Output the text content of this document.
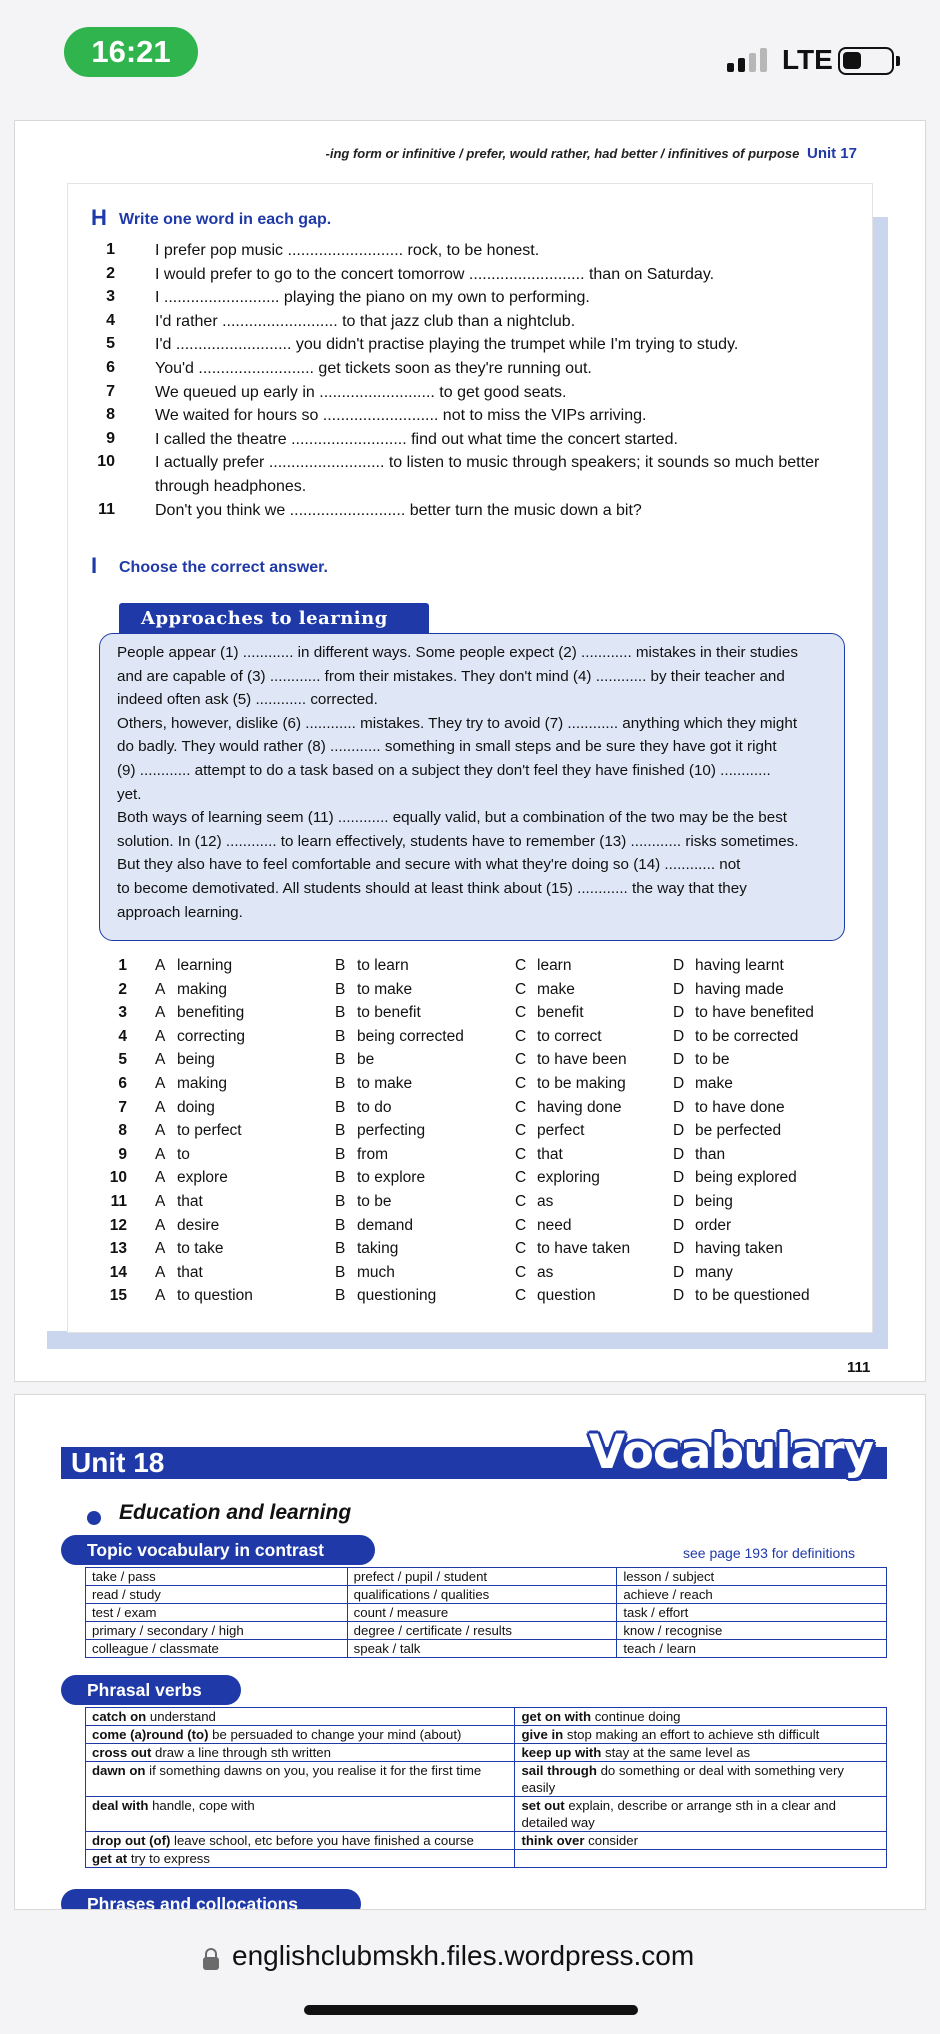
16:21	LTE
-ing form or infinitive / prefer, would rather, had better / infinitives of purpose Unit 17
H Write one word in each gap.
1	I prefer pop music .......................... rock, to be honest.
2	I would prefer to go to the concert tomorrow .......................... than on Saturday.
3	I .......................... playing the piano on my own to performing.
4	I'd rather .......................... to that jazz club than a nightclub.
5	I'd .......................... you didn't practise playing the trumpet while I'm trying to study.
6	You'd .......................... get tickets soon as they're running out.
7	We queued up early in .......................... to get good seats.
8	We waited for hours so .......................... not to miss the VIPs arriving.
9	I called the theatre .......................... find out what time the concert started.
10	I actually prefer .......................... to listen to music through speakers; it sounds so much better
through headphones.
11	Don't you think we .......................... better turn the music down a bit?
I Choose the correct answer.
Approaches to learning
People appear (1) ............ in different ways. Some people expect (2) ............ mistakes in their studies
and are capable of (3) ............ from their mistakes. They don't mind (4) ............ by their teacher and
indeed often ask (5) ............ corrected.
Others, however, dislike (6) ............ mistakes. They try to avoid (7) ............ anything which they might
do badly. They would rather (8) ............ something in small steps and be sure they have got it right
(9) ............ attempt to do a task based on a subject they don't feel they have finished (10) ............
yet.
Both ways of learning seem (11) ............ equally valid, but a combination of the two may be the best
solution. In (12) ............ to learn effectively, students have to remember (13) ............ risks sometimes.
But they also have to feel comfortable and secure with what they're doing so (14) ............ not
to become demotivated. All students should at least think about (15) ............ the way that they
approach learning.
1 A learning	B to learn	C learn	D having learnt
2 A making	B to make	C make	D having made
3 A benefiting	B to benefit	C benefit	D to have benefited
4 A correcting	B being corrected	C to correct	D to be corrected
5 A being	B be	C to have been	D to be
6 A making	B to make	C to be making	D make
7 A doing	B to do	C having done	D to have done
8 A to perfect	B perfecting	C perfect	D be perfected
9 A to	B from	C that	D than
10 A explore	B to explore	C exploring	D being explored
11 A that	B to be	C as	D being
12 A desire	B demand	C need	D order
13 A to take	B taking	C to have taken	D having taken
14 A that	B much	C as	D many
15 A to question	B questioning	C question	D to be questioned
111
Unit 18	Vocabulary
Education and learning
Topic vocabulary in contrast	see page 193 for definitions
take / pass	prefect / pupil / student	lesson / subject
read / study	qualifications / qualities	achieve / reach
test / exam	count / measure	task / effort
primary / secondary / high	degree / certificate / results	know / recognise
colleague / classmate	speak / talk	teach / learn
Phrasal verbs
catch on understand	get on with continue doing
come (a)round (to) be persuaded to change your mind (about)	give in stop making an effort to achieve sth difficult
cross out draw a line through sth written	keep up with stay at the same level as
dawn on if something dawns on you, you realise it for the first time	sail through do something or deal with something very easily
deal with handle, cope with	set out explain, describe or arrange sth in a clear and detailed way
drop out (of) leave school, etc before you have finished a course	think over consider
get at try to express	
Phrases and collocations
englishclubmskh.files.wordpress.com
